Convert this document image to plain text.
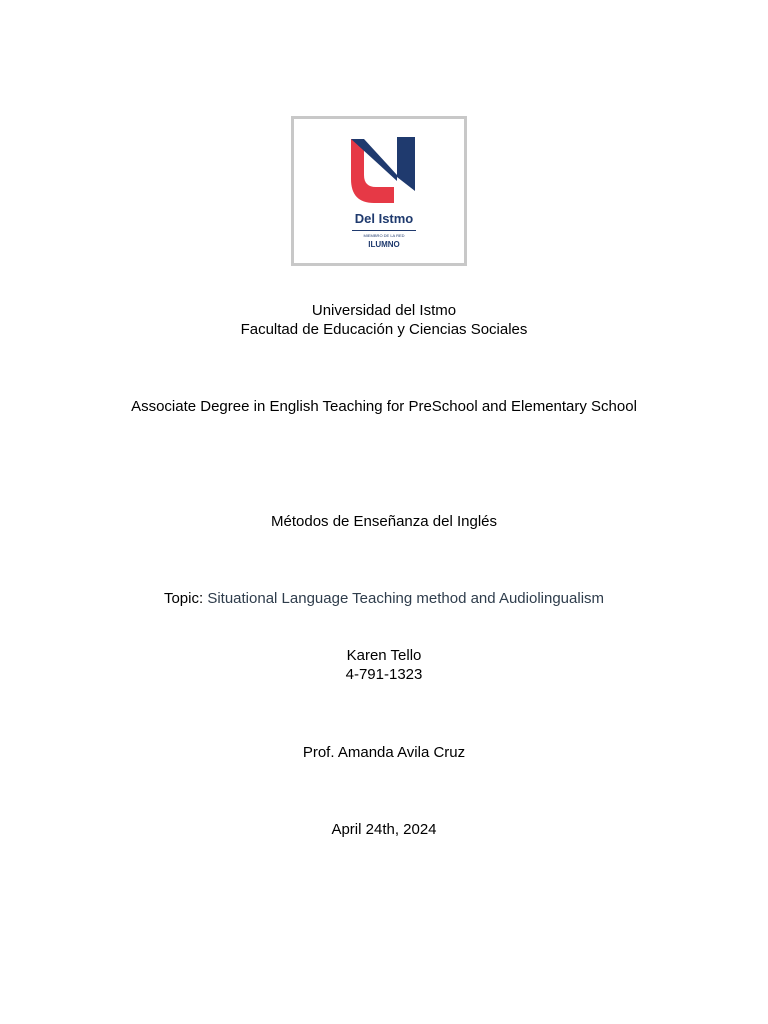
Del Istmo
MIEMBRO DE LA RED
ILUMNO
Universidad del Istmo
Facultad de Educación y Ciencias Sociales
Associate Degree in English Teaching for PreSchool and Elementary School
Métodos de Enseñanza del Inglés
Topic: Situational Language Teaching method and Audiolingualism
Karen Tello
4-791-1323
Prof. Amanda Avila Cruz
April 24th, 2024
